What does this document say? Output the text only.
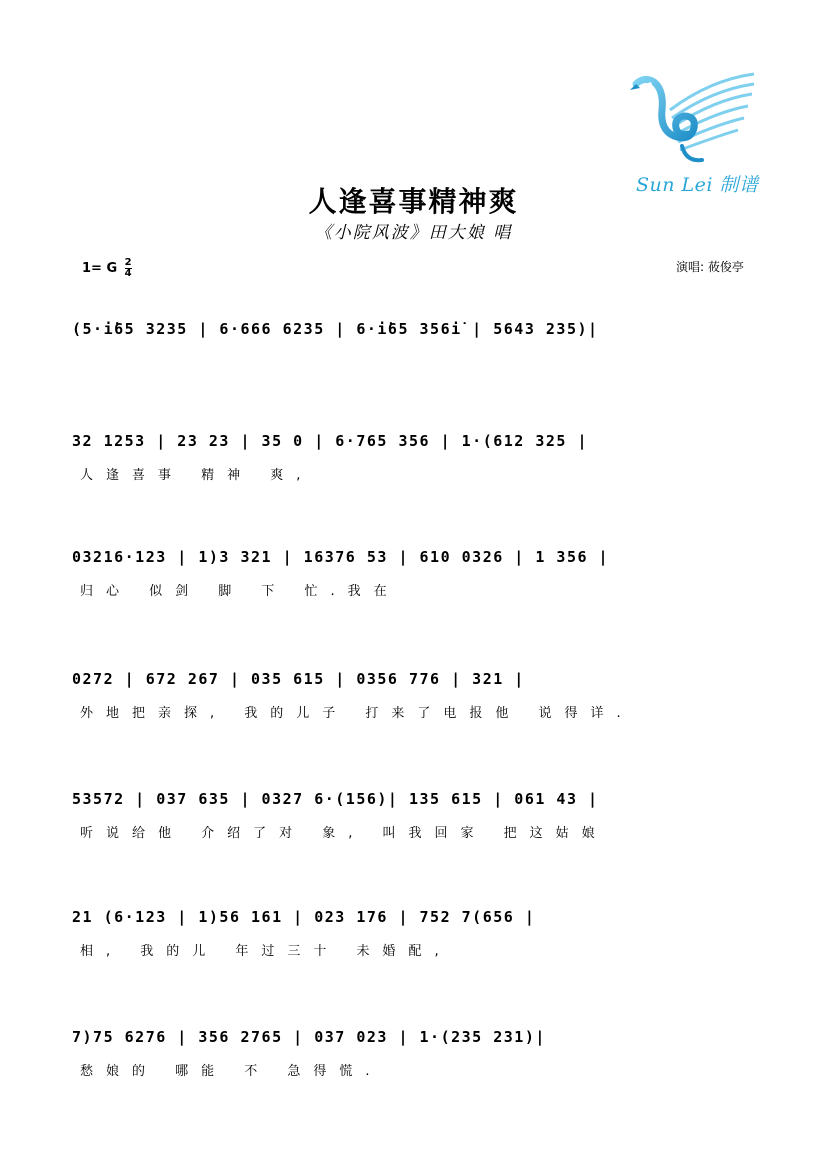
Sun Lei 制谱
人逢喜事精神爽
《小院风波》田大娘 唱
1= G $\frac{2}{4}$	演唱: 莜俊亭
(5·i̇65 3235 | 6·666 6235 | 6·i̇65 356i̇ | 5643 235)|
32 1253 | 23 23 | 35 0 | 6·765 356 | 1·(612 325 |
人逢喜事 精神 爽,
03216·123 | 1)3 321 | 16376 53 | 610 0326 | 1 356 |
归心 似剑 脚 下 忙.我在
0272 | 672 267 | 035 615 | 0356 776 | 321 |
外地把亲探, 我的儿子 打来了电报他 说得详.
53572 | 037 635 | 0327 6·(156)| 135 615 | 061 43 |
听说给他 介绍了对 象, 叫我回家 把这姑娘
21 (6·123 | 1)56 161 | 023 176 | 752 7(656 |
相, 我的儿 年过三十 未婚配,
7)75 6276 | 356 2765 | 037 023 | 1·(235 231)|
愁娘的 哪能 不 急得慌.
